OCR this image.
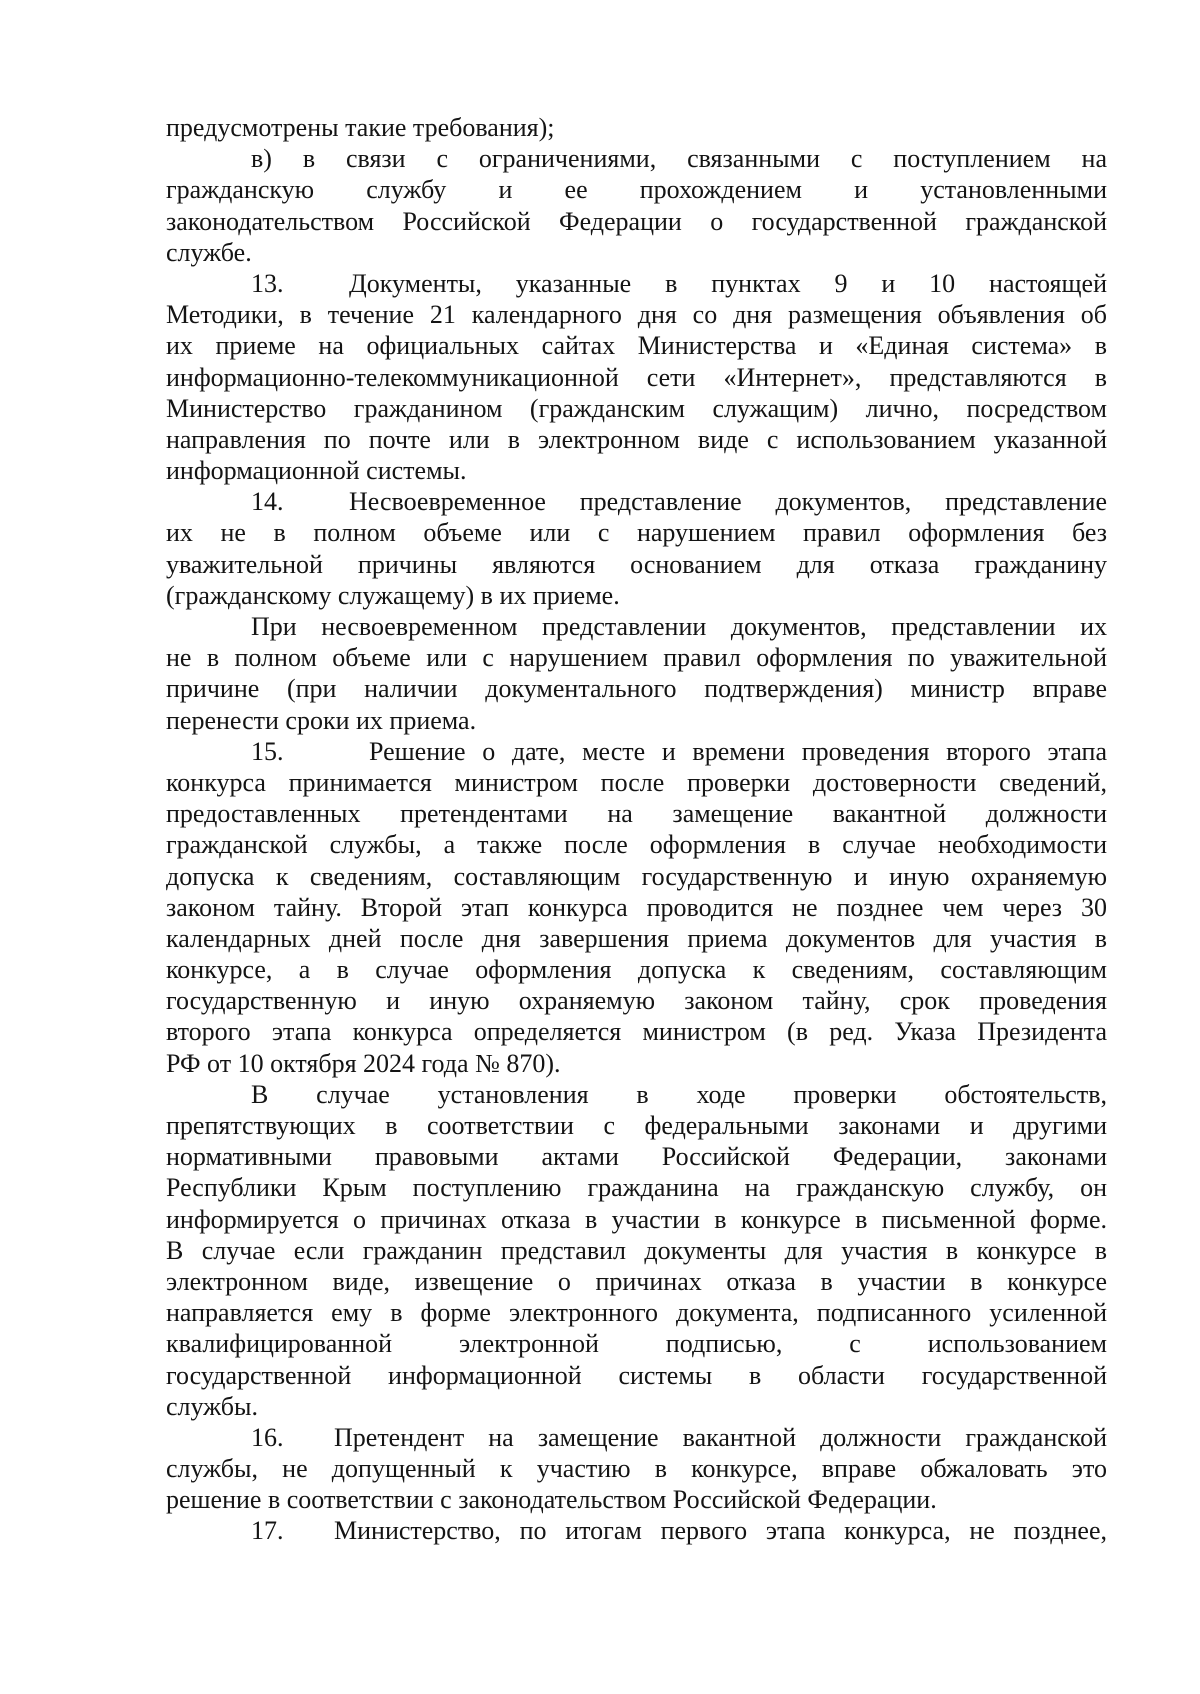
предусмотрены такие требования);

в) в связи с ограничениями, связанными с поступлением на
гражданскую службу и ее прохождением и установленными
законодательством Российской Федерации о государственной гражданской
службе.

13.	Документы, указанные в пунктах 9 и 10 настоящей
Методики, в течение 21 календарного дня со дня размещения объявления об
их приеме на официальных сайтах Министерства и «Единая система» в
информационно-телекоммуникационной сети «Интернет», представляются в
Министерство гражданином (гражданским служащим) лично, посредством
направления по почте или в электронном виде с использованием указанной
информационной системы.

14.	Несвоевременное представление документов, представление
их не в полном объеме или с нарушением правил оформления без
уважительной причины являются основанием для отказа гражданину
(гражданскому служащему) в их приеме.

При несвоевременном представлении документов, представлении их
не в полном объеме или с нарушением правил оформления по уважительной
причине (при наличии документального подтверждения) министр вправе
перенести сроки их приема.

15.	Решение о дате, месте и времени проведения второго этапа
конкурса принимается министром после проверки достоверности сведений,
предоставленных претендентами на замещение вакантной должности
гражданской службы, а также после оформления в случае необходимости
допуска к сведениям, составляющим государственную и иную охраняемую
законом тайну. Второй этап конкурса проводится не позднее чем через 30
календарных дней после дня завершения приема документов для участия в
конкурсе, а в случае оформления допуска к сведениям, составляющим
государственную и иную охраняемую законом тайну, срок проведения
второго этапа конкурса определяется министром (в ред. Указа Президента
РФ от 10 октября 2024 года № 870).

В случае установления в ходе проверки обстоятельств,
препятствующих в соответствии с федеральными законами и другими
нормативными правовыми актами Российской Федерации, законами
Республики Крым поступлению гражданина на гражданскую службу, он
информируется о причинах отказа в участии в конкурсе в письменной форме.
В случае если гражданин представил документы для участия в конкурсе в
электронном виде, извещение о причинах отказа в участии в конкурсе
направляется ему в форме электронного документа, подписанного усиленной
квалифицированной электронной подписью, с использованием
государственной информационной системы в области государственной
службы.

16. Претендент на замещение вакантной должности гражданской
службы, не допущенный к участию в конкурсе, вправе обжаловать это
решение в соответствии с законодательством Российской Федерации.

17. Министерство, по итогам первого этапа конкурса, не позднее,
